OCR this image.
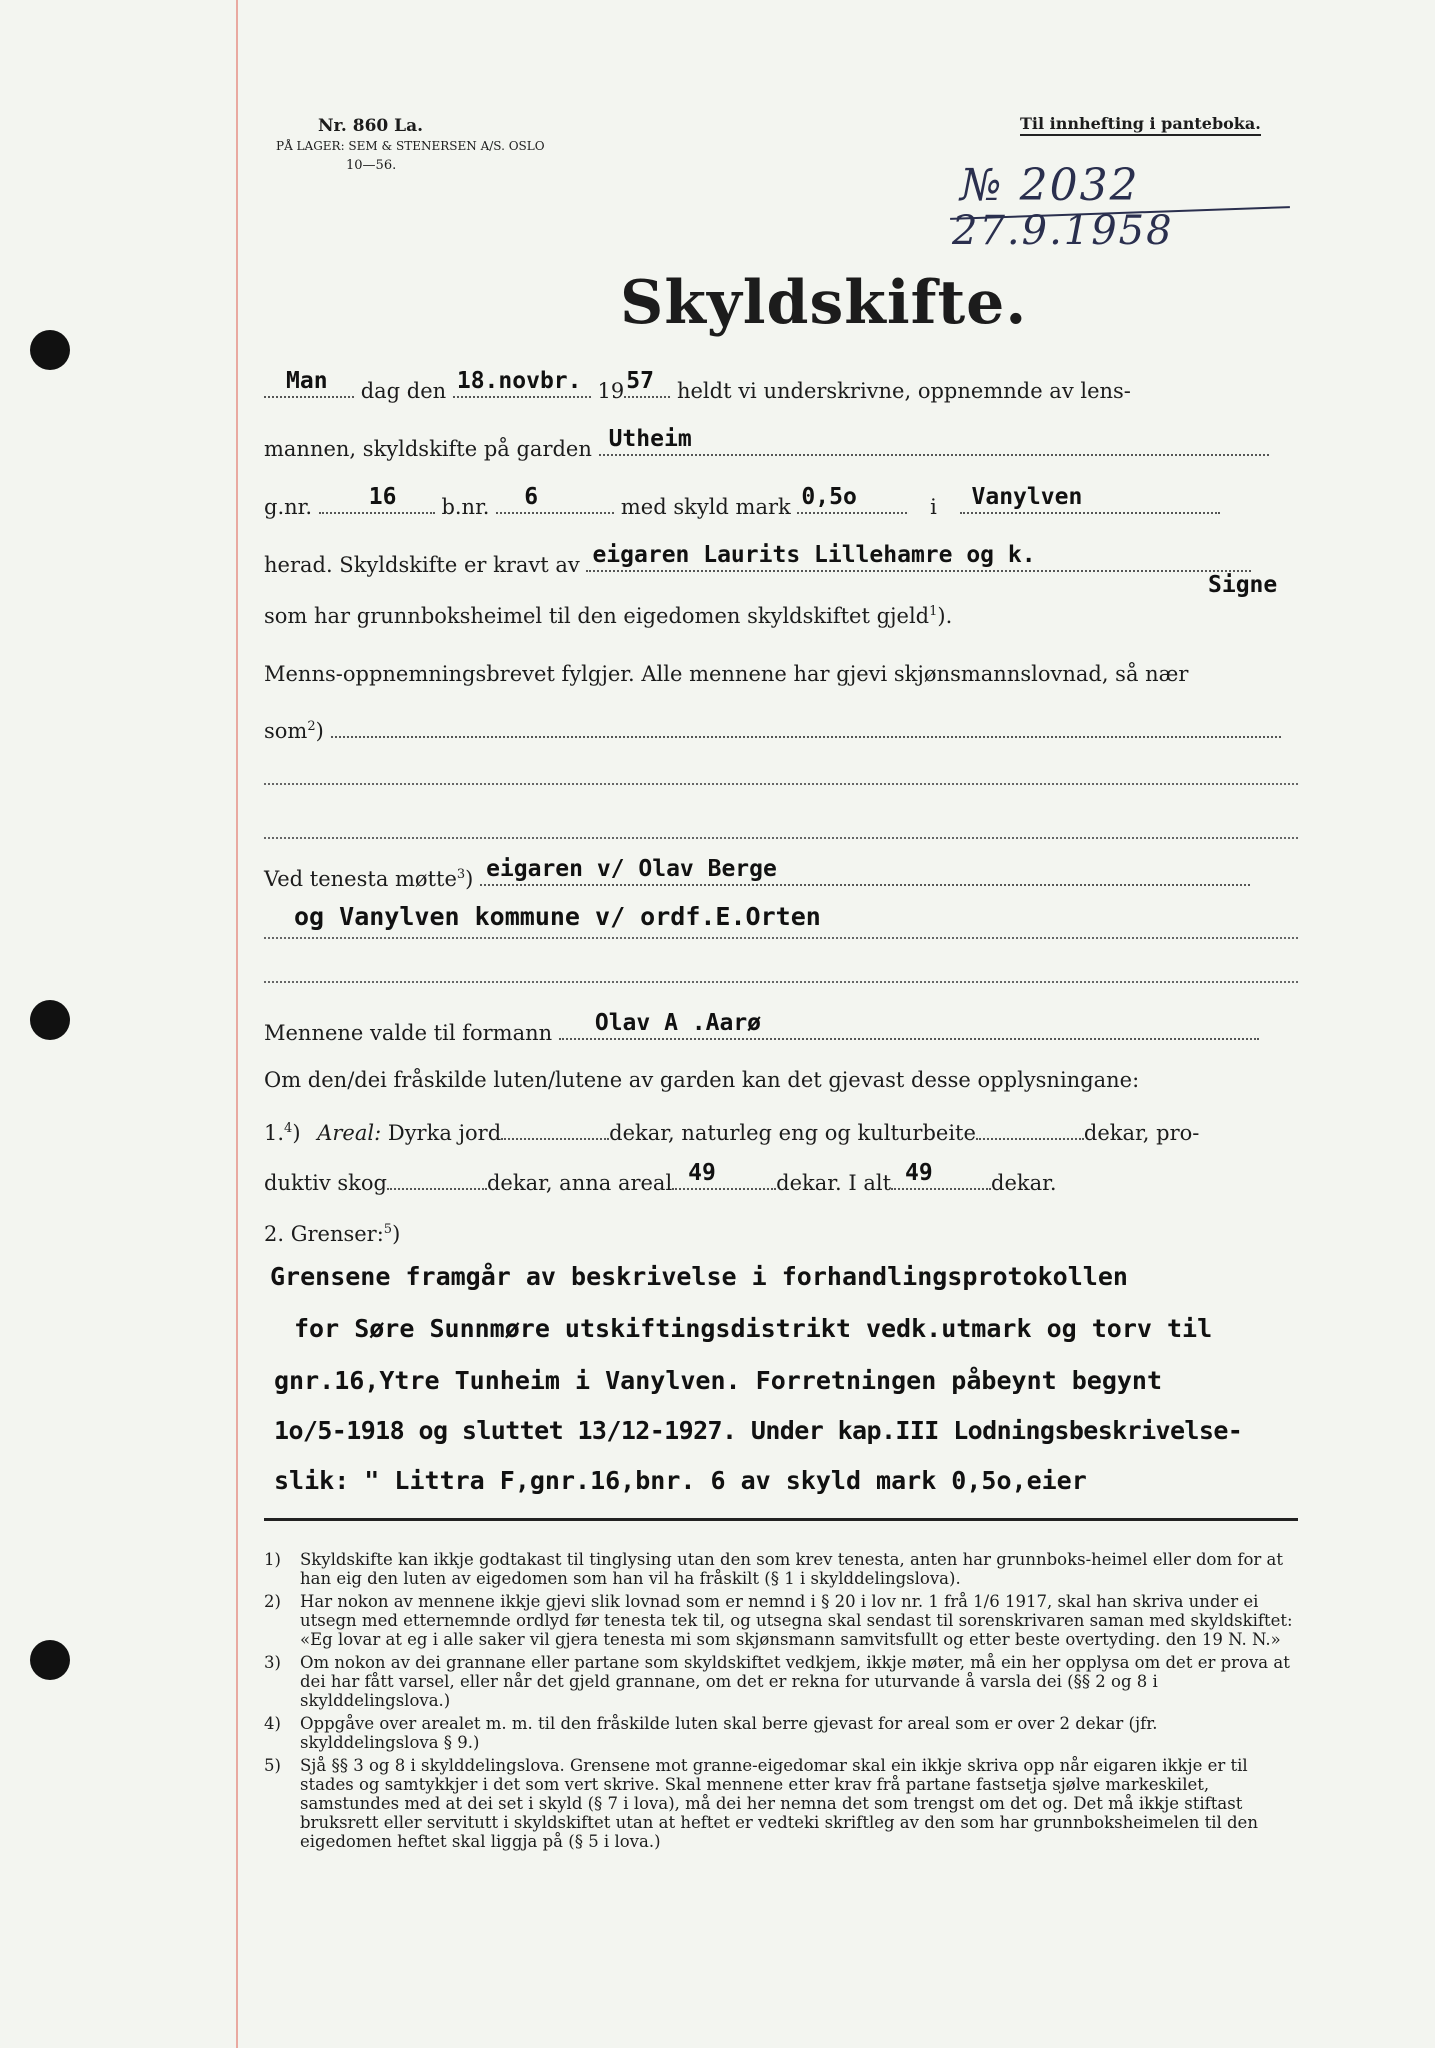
Nr. 860 La.
PÅ LAGER: SEM & STENERSEN A/S. OSLO
10—56.
Til innhefting i panteboka.
№ 2032
27.9.1958
Skyldskifte.
Man dag den 18.novbr. 19 57 heldt vi underskrivne, oppnemnde av lens-
mannen, skyldskifte på garden Utheim
g.nr. 16 b.nr. 6	med skyld mark 0,5o	i Vanylven
herad. Skyldskifte er kravt av eigaren Laurits Lillehamre og k.
Signe
som har grunnboksheimel til den eigedomen skyldskiftet gjeld$^1$).
Menns-oppnemningsbrevet fylgjer. Alle mennene har gjevi skjønsmannslovnad, så nær
som$^2$)
Ved tenesta møtte$^3$) eigaren v/ Olav Berge
og Vanylven kommune v/ ordf.E.Orten
Mennene valde til formann Olav A .Aarø
Om den/dei fråskilde luten/lutene av garden kan det gjevast desse opplysningane:
1.$^4$) Areal: Dyrka jord	dekar, naturleg eng og kulturbeite	dekar, pro-
duktiv skog	dekar, anna areal 49	dekar. I alt 49	dekar.
2. Grenser:$^5$)
Grensene framgår av beskrivelse i forhandlingsprotokollen
for Søre Sunnmøre utskiftingsdistrikt vedk.utmark og torv til
gnr.16,Ytre Tunheim i Vanylven. Forretningen påbeynt begynt
1o/5-1918 og sluttet 13/12-1927. Under kap.III Lodningsbeskrivelse-
slik: " Littra F,gnr.16,bnr. 6 av skyld mark 0,5o,eier
1) Skyldskifte kan ikkje godtakast til tinglysing utan den som krev tenesta, anten har grunnboks-heimel eller dom for at han eig den luten av eigedomen som han vil ha fråskilt (§ 1 i skylddelingslova).
2) Har nokon av mennene ikkje gjevi slik lovnad som er nemnd i § 20 i lov nr. 1 frå 1/6 1917, skal han skriva under ei utsegn med etternemnde ordlyd før tenesta tek til, og utsegna skal sendast til sorenskrivaren saman med skyldskiftet: «Eg lovar at eg i alle saker vil gjera tenesta mi som skjønsmann samvitsfullt og etter beste overtyding. den 19 N. N.»
3) Om nokon av dei grannane eller partane som skyldskiftet vedkjem, ikkje møter, må ein her opplysa om det er prova at dei har fått varsel, eller når det gjeld grannane, om det er rekna for uturvande å varsla dei (§§ 2 og 8 i skylddelingslova.)
4) Oppgåve over arealet m. m. til den fråskilde luten skal berre gjevast for areal som er over 2 dekar (jfr. skylddelingslova § 9.)
5) Sjå §§ 3 og 8 i skylddelingslova. Grensene mot granne-eigedomar skal ein ikkje skriva opp når eigaren ikkje er til stades og samtykkjer i det som vert skrive. Skal mennene etter krav frå partane fastsetja sjølve markeskilet, samstundes med at dei set i skyld (§ 7 i lova), må dei her nemna det som trengst om det og. Det må ikkje stiftast bruksrett eller servitutt i skyldskiftet utan at heftet er vedteki skriftleg av den som har grunnboksheimelen til den eigedomen heftet skal liggja på (§ 5 i lova.)
